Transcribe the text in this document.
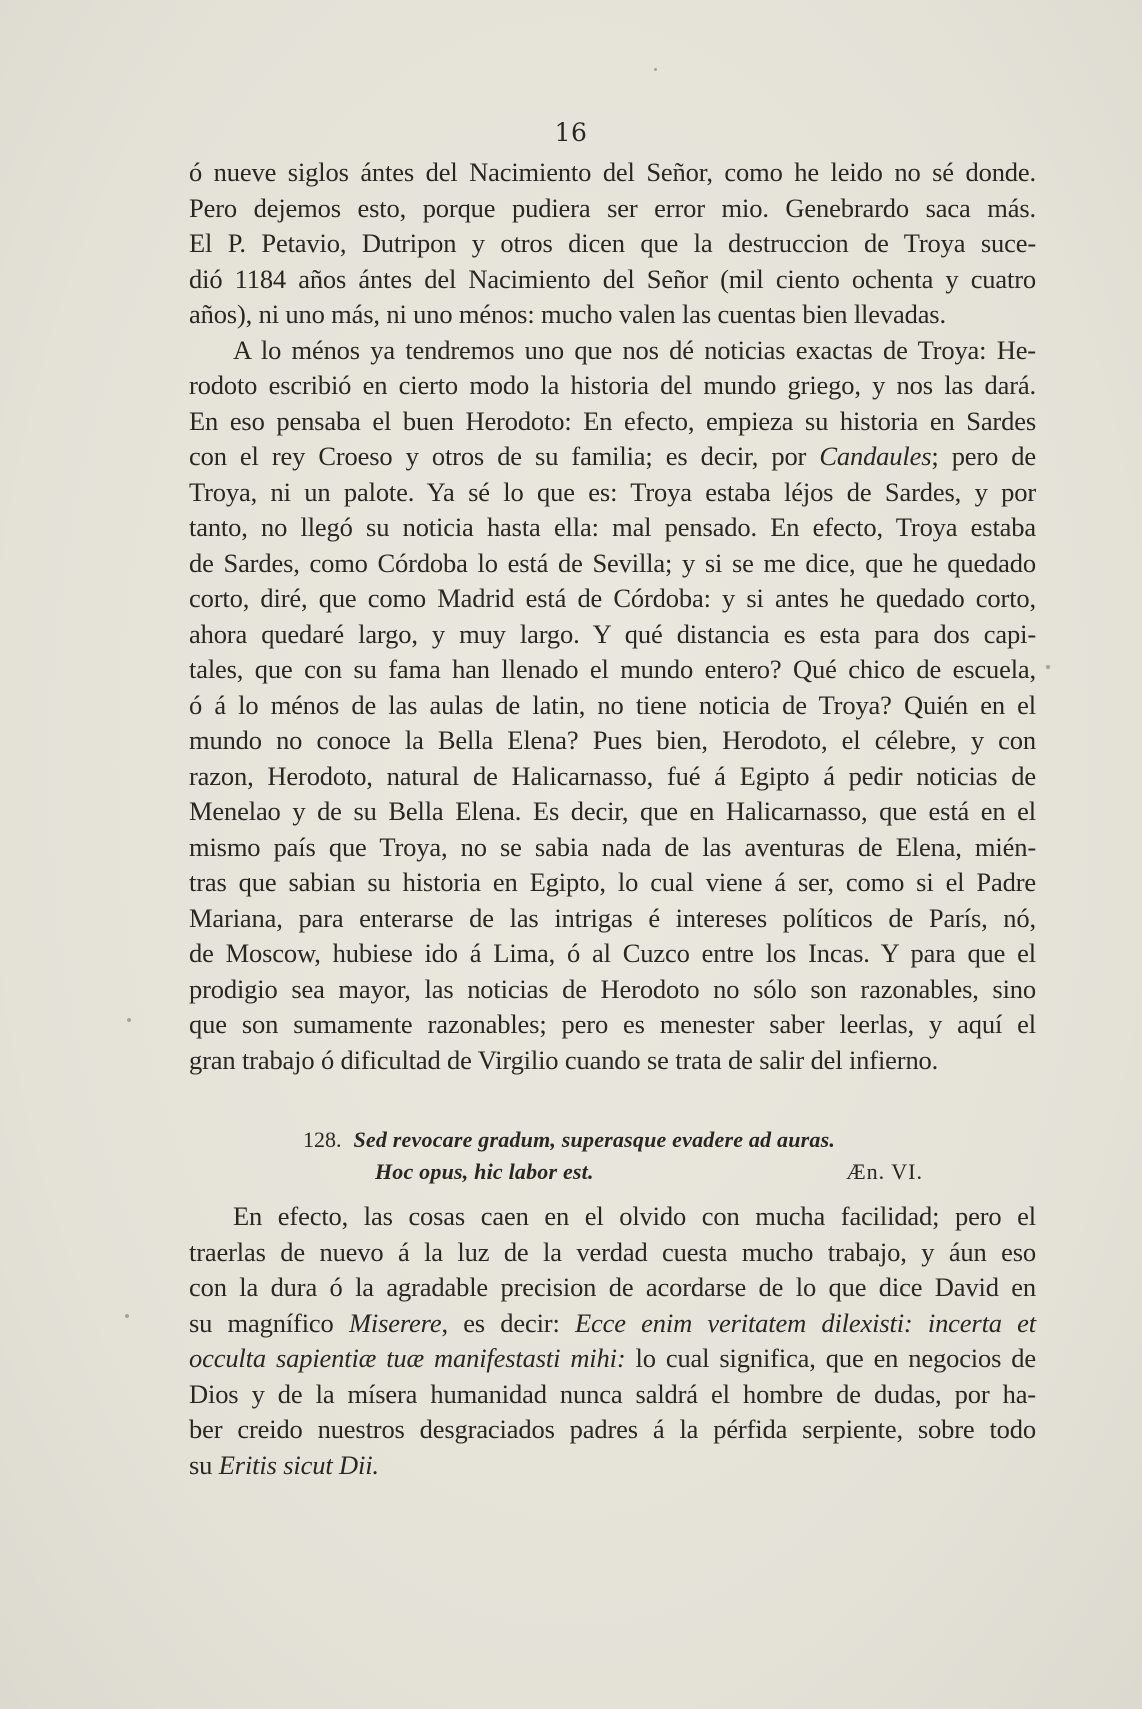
16
ó nueve siglos ántes del Nacimiento del Señor, como he leido no sé donde.
Pero dejemos esto, porque pudiera ser error mio. Genebrardo saca más.
El P. Petavio, Dutripon y otros dicen que la destruccion de Troya suce-
dió 1184 años ántes del Nacimiento del Señor (mil ciento ochenta y cuatro
años), ni uno más, ni uno ménos: mucho valen las cuentas bien llevadas.
A lo ménos ya tendremos uno que nos dé noticias exactas de Troya: He-
rodoto escribió en cierto modo la historia del mundo griego, y nos las dará.
En eso pensaba el buen Herodoto: En efecto, empieza su historia en Sardes
con el rey Croeso y otros de su familia; es decir, por Candaules; pero de
Troya, ni un palote. Ya sé lo que es: Troya estaba léjos de Sardes, y por
tanto, no llegó su noticia hasta ella: mal pensado. En efecto, Troya estaba
de Sardes, como Córdoba lo está de Sevilla; y si se me dice, que he quedado
corto, diré, que como Madrid está de Córdoba: y si antes he quedado corto,
ahora quedaré largo, y muy largo. Y qué distancia es esta para dos capi-
tales, que con su fama han llenado el mundo entero? Qué chico de escuela,
ó á lo ménos de las aulas de latin, no tiene noticia de Troya? Quién en el
mundo no conoce la Bella Elena? Pues bien, Herodoto, el célebre, y con
razon, Herodoto, natural de Halicarnasso, fué á Egipto á pedir noticias de
Menelao y de su Bella Elena. Es decir, que en Halicarnasso, que está en el
mismo país que Troya, no se sabia nada de las aventuras de Elena, mién-
tras que sabian su historia en Egipto, lo cual viene á ser, como si el Padre
Mariana, para enterarse de las intrigas é intereses políticos de París, nó,
de Moscow, hubiese ido á Lima, ó al Cuzco entre los Incas. Y para que el
prodigio sea mayor, las noticias de Herodoto no sólo son razonables, sino
que son sumamente razonables; pero es menester saber leerlas, y aquí el
gran trabajo ó dificultad de Virgilio cuando se trata de salir del infierno.
128. Sed revocare gradum, superasque evadere ad auras.
Hoc opus, hic labor est.	Æn. VI.
En efecto, las cosas caen en el olvido con mucha facilidad; pero el
traerlas de nuevo á la luz de la verdad cuesta mucho trabajo, y áun eso
con la dura ó la agradable precision de acordarse de lo que dice David en
su magnífico Miserere, es decir: Ecce enim veritatem dilexisti: incerta et
occulta sapientiæ tuæ manifestasti mihi: lo cual significa, que en negocios de
Dios y de la mísera humanidad nunca saldrá el hombre de dudas, por ha-
ber creido nuestros desgraciados padres á la pérfida serpiente, sobre todo
su Eritis sicut Dii.
